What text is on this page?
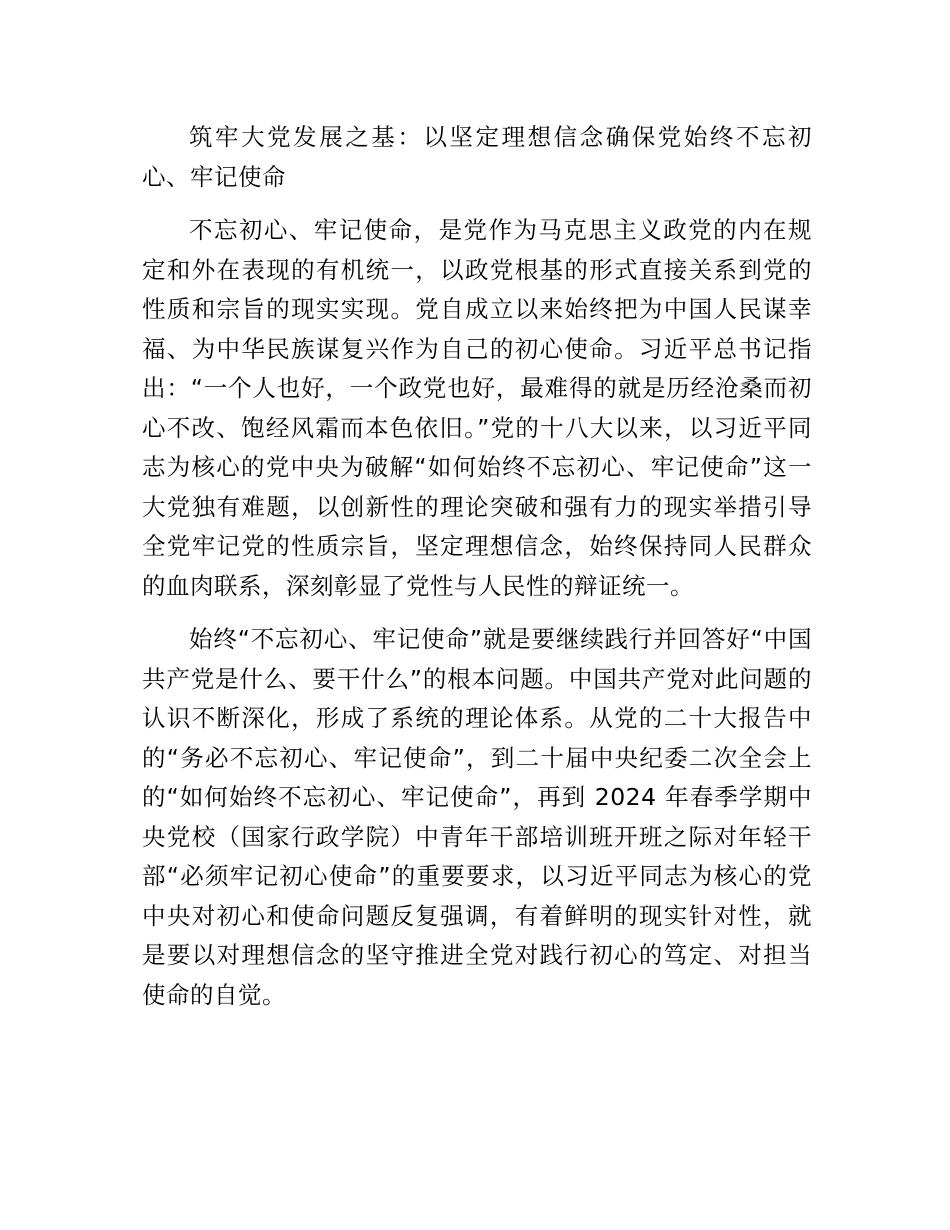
筑牢大党发展之基：以坚定理想信念确保党始终不忘初心、牢记使命

不忘初心、牢记使命，是党作为马克思主义政党的内在规定和外在表现的有机统一，以政党根基的形式直接关系到党的性质和宗旨的现实实现。党自成立以来始终把为中国人民谋幸福、为中华民族谋复兴作为自己的初心使命。习近平总书记指出：“一个人也好，一个政党也好，最难得的就是历经沧桑而初心不改、饱经风霜而本色依旧。”党的十八大以来，以习近平同志为核心的党中央为破解“如何始终不忘初心、牢记使命”这一大党独有难题，以创新性的理论突破和强有力的现实举措引导全党牢记党的性质宗旨，坚定理想信念，始终保持同人民群众的血肉联系，深刻彰显了党性与人民性的辩证统一。

始终“不忘初心、牢记使命”就是要继续践行并回答好“中国共产党是什么、要干什么”的根本问题。中国共产党对此问题的认识不断深化，形成了系统的理论体系。从党的二十大报告中的“务必不忘初心、牢记使命”，到二十届中央纪委二次全会上的“如何始终不忘初心、牢记使命”，再到 2024 年春季学期中央党校（国家行政学院）中青年干部培训班开班之际对年轻干部“必须牢记初心使命”的重要要求，以习近平同志为核心的党中央对初心和使命问题反复强调，有着鲜明的现实针对性，就是要以对理想信念的坚守推进全党对践行初心的笃定、对担当使命的自觉。
